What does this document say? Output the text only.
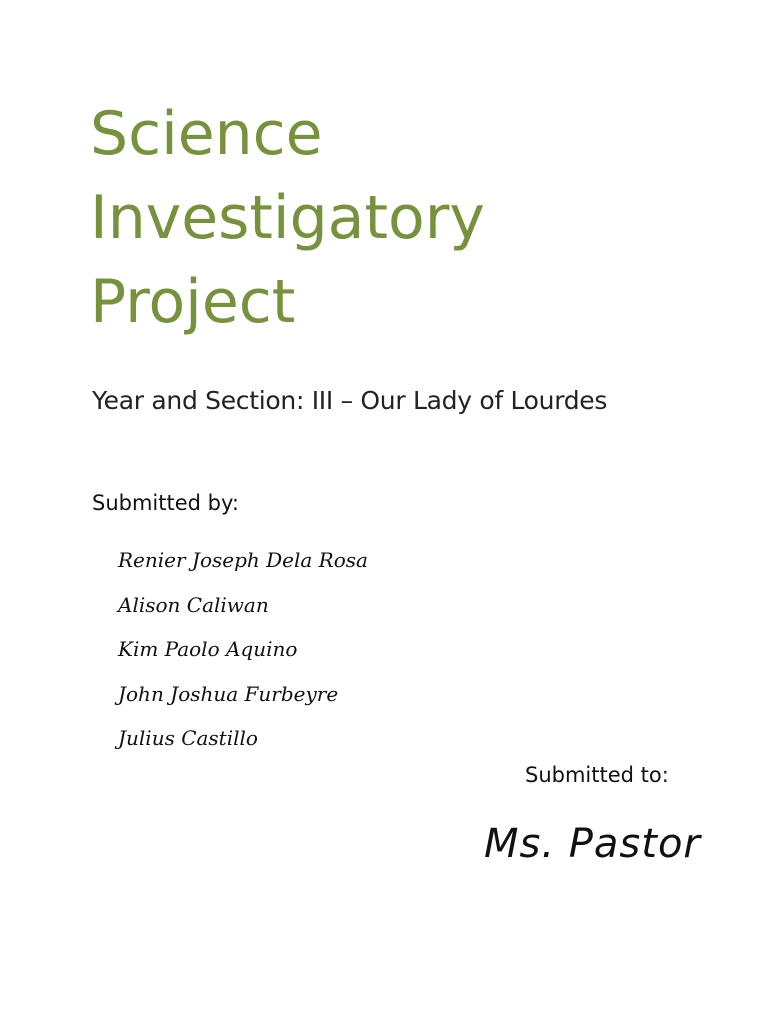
Science
Investigatory
Project
Year and Section: III – Our Lady of Lourdes
Submitted by:
Renier Joseph Dela Rosa
Alison Caliwan
Kim Paolo Aquino
John Joshua Furbeyre
Julius Castillo
Submitted to:
Ms. Pastor
